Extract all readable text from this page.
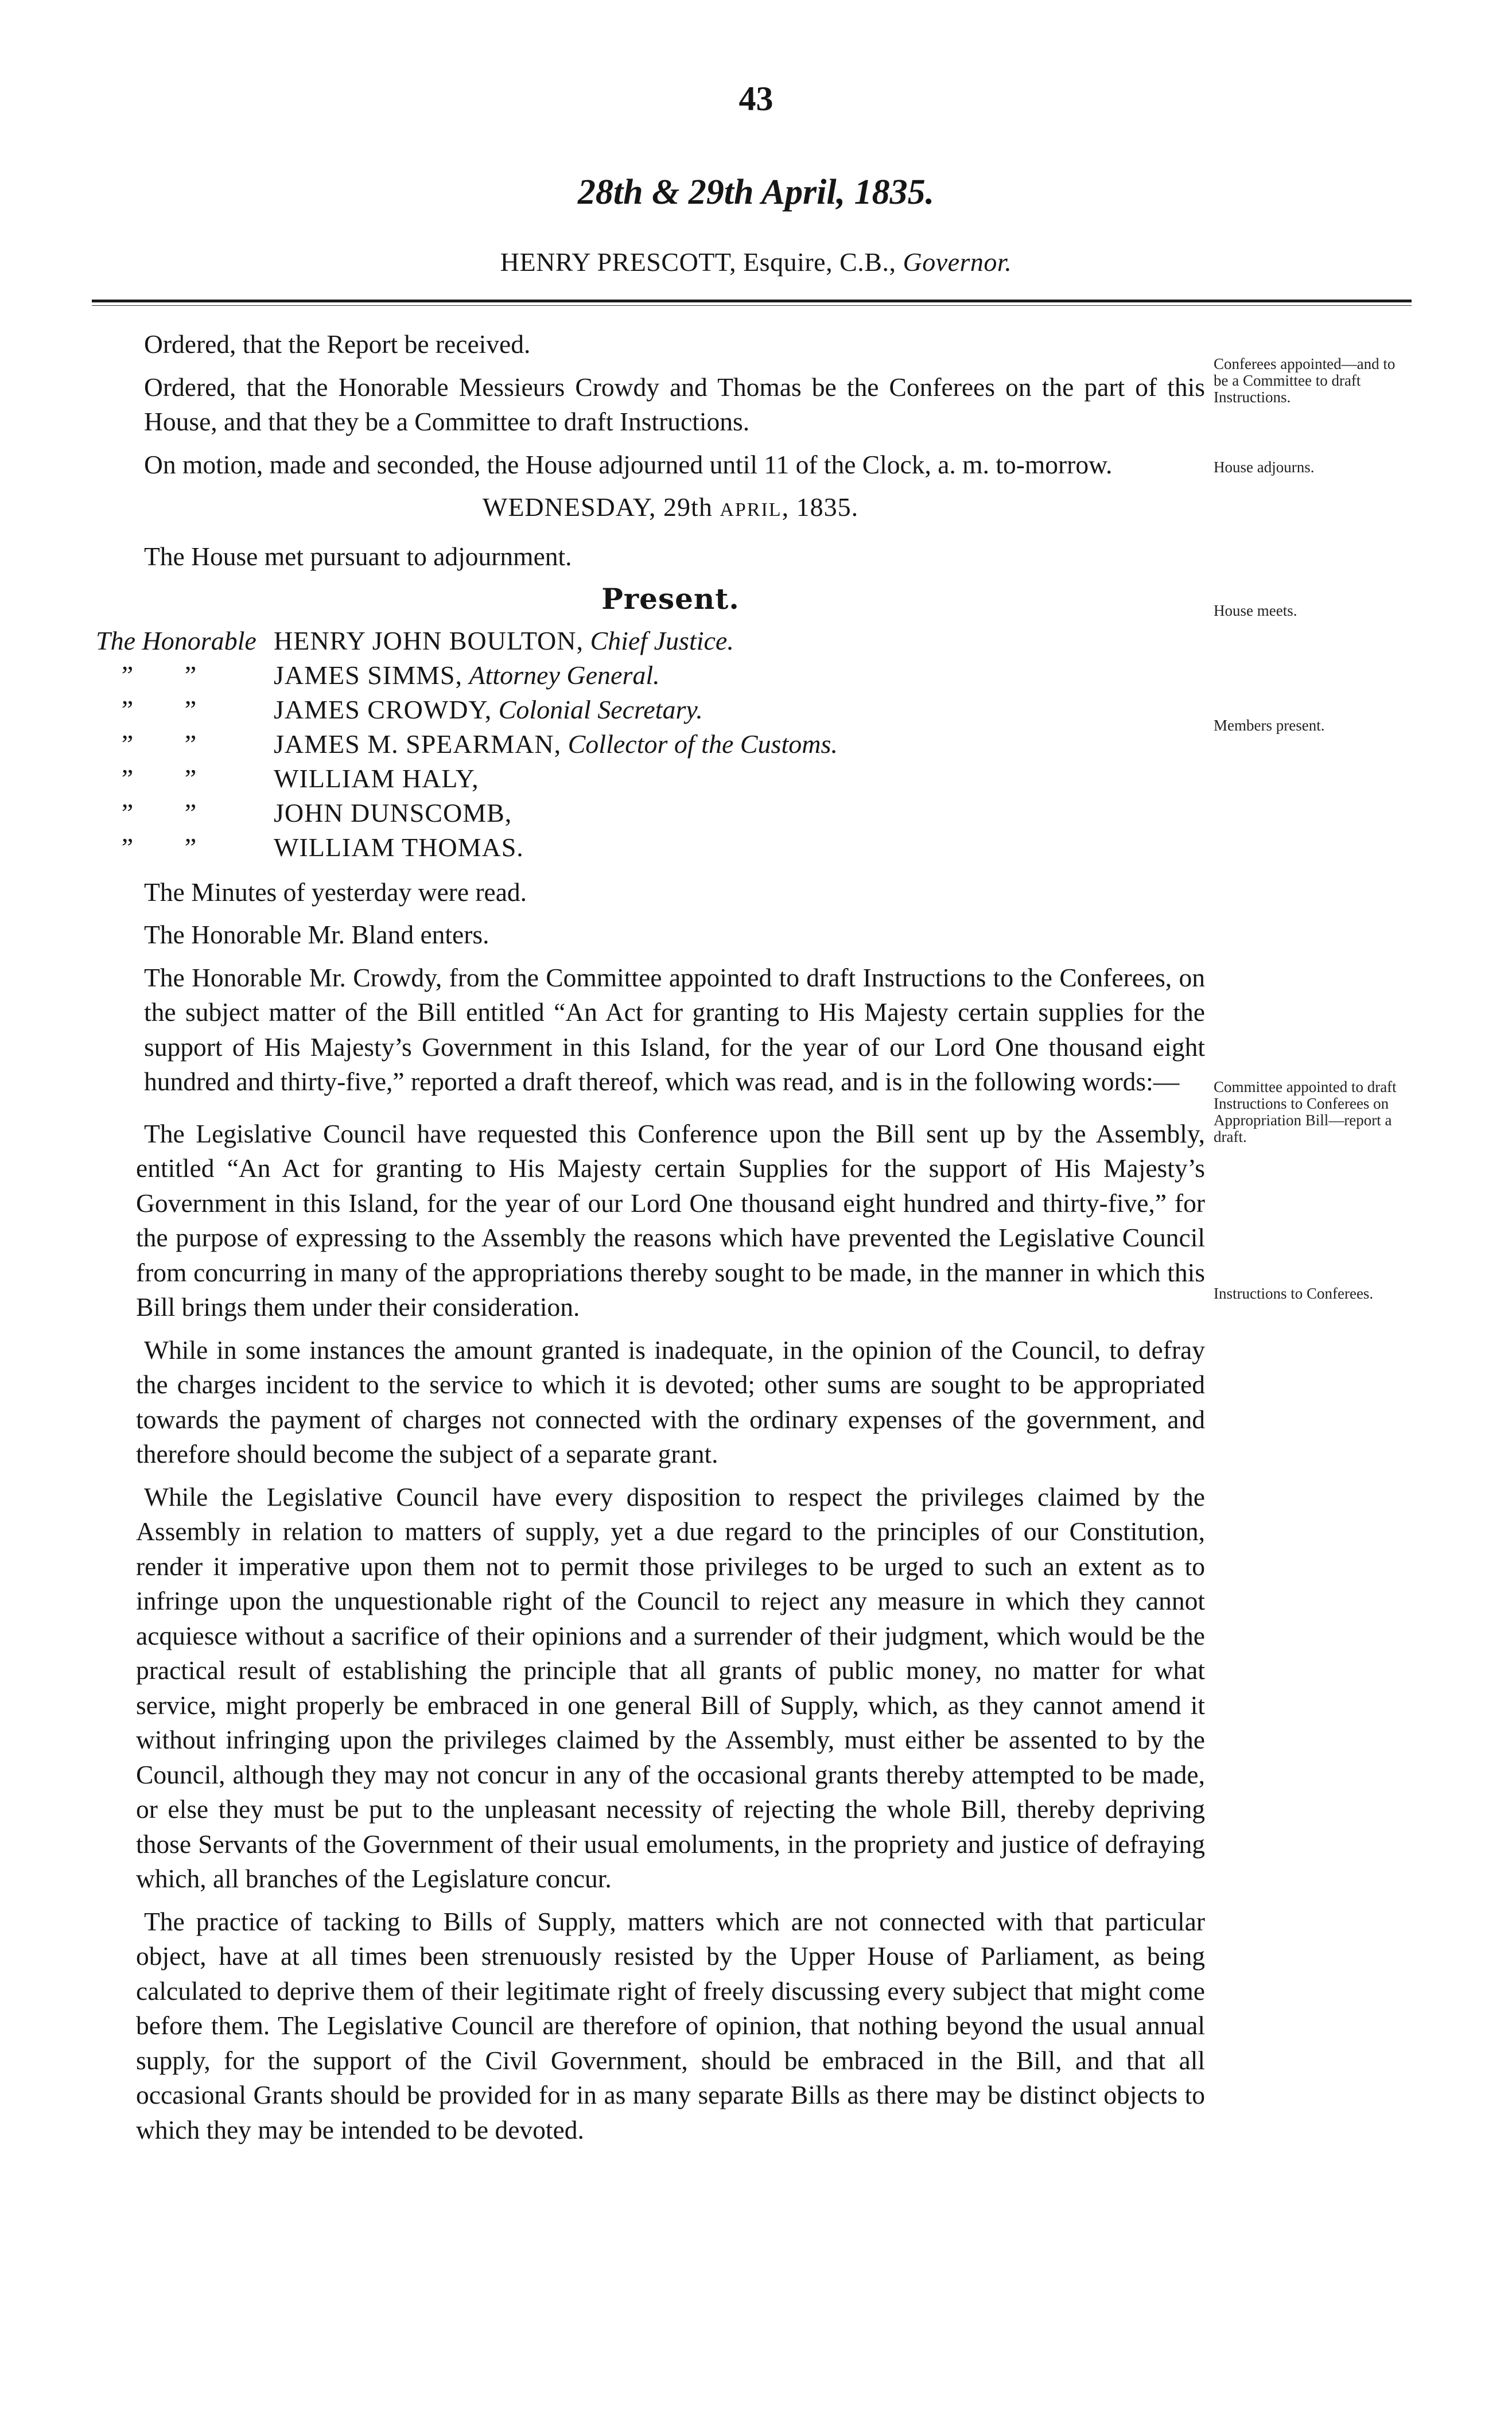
43
28th & 29th April, 1835.
HENRY PRESCOTT, Esquire, C.B., Governor.

Ordered, that the Report be received.

Ordered, that the Honorable Messieurs Crowdy and Thomas be the Conferees on the part of this House, and that they be a Committee to draft Instructions.

On motion, made and seconded, the House adjourned until 11 of the Clock, a. m. to-morrow.

WEDNESDAY, 29th APRIL, 1835.

The House met pursuant to adjournment.

Present.
The Honorable HENRY JOHN BOULTON, Chief Justice.
” ”	JAMES SIMMS, Attorney General.
” ”	JAMES CROWDY, Colonial Secretary.
” ”	JAMES M. SPEARMAN, Collector of the Customs.
” ”	WILLIAM HALY,
” ”	JOHN DUNSCOMB,
” ”	WILLIAM THOMAS.

The Minutes of yesterday were read.

The Honorable Mr. Bland enters.

The Honorable Mr. Crowdy, from the Committee appointed to draft Instructions to the Conferees, on the subject matter of the Bill entitled “An Act for granting to His Majesty certain supplies for the support of His Majesty’s Government in this Island, for the year of our Lord One thousand eight hundred and thirty-five,” reported a draft thereof, which was read, and is in the following words:—

The Legislative Council have requested this Conference upon the Bill sent up by the Assembly, entitled “An Act for granting to His Majesty certain Supplies for the support of His Majesty’s Government in this Island, for the year of our Lord One thousand eight hundred and thirty-five,” for the purpose of expressing to the Assembly the reasons which have prevented the Legislative Council from concurring in many of the appropriations thereby sought to be made, in the manner in which this Bill brings them under their consideration.

While in some instances the amount granted is inadequate, in the opinion of the Council, to defray the charges incident to the service to which it is devoted; other sums are sought to be appropriated towards the payment of charges not connected with the ordinary expenses of the government, and therefore should become the subject of a separate grant.

While the Legislative Council have every disposition to respect the privileges claimed by the Assembly in relation to matters of supply, yet a due regard to the principles of our Constitution, render it imperative upon them not to permit those privileges to be urged to such an extent as to infringe upon the unquestionable right of the Council to reject any measure in which they cannot acquiesce without a sacrifice of their opinions and a surrender of their judgment, which would be the practical result of establishing the principle that all grants of public money, no matter for what service, might properly be embraced in one general Bill of Supply, which, as they cannot amend it without infringing upon the privileges claimed by the Assembly, must either be assented to by the Council, although they may not concur in any of the occasional grants thereby attempted to be made, or else they must be put to the unpleasant necessity of rejecting the whole Bill, thereby depriving those Servants of the Government of their usual emoluments, in the propriety and justice of defraying which, all branches of the Legislature concur.

The practice of tacking to Bills of Supply, matters which are not connected with that particular object, have at all times been strenuously resisted by the Upper House of Parliament, as being calculated to deprive them of their legitimate right of freely discussing every subject that might come before them. The Legislative Council are therefore of opinion, that nothing beyond the usual annual supply, for the support of the Civil Government, should be embraced in the Bill, and that all occasional Grants should be provided for in as many separate Bills as there may be distinct objects to which they may be intended to be devoted.

Conferees appointed—and to be a Committee to draft Instructions.
House adjourns.
House meets.
Members present.
Committee appointed to draft Instructions to Conferees on Appropriation Bill—report a draft.
Instructions to Conferees.
